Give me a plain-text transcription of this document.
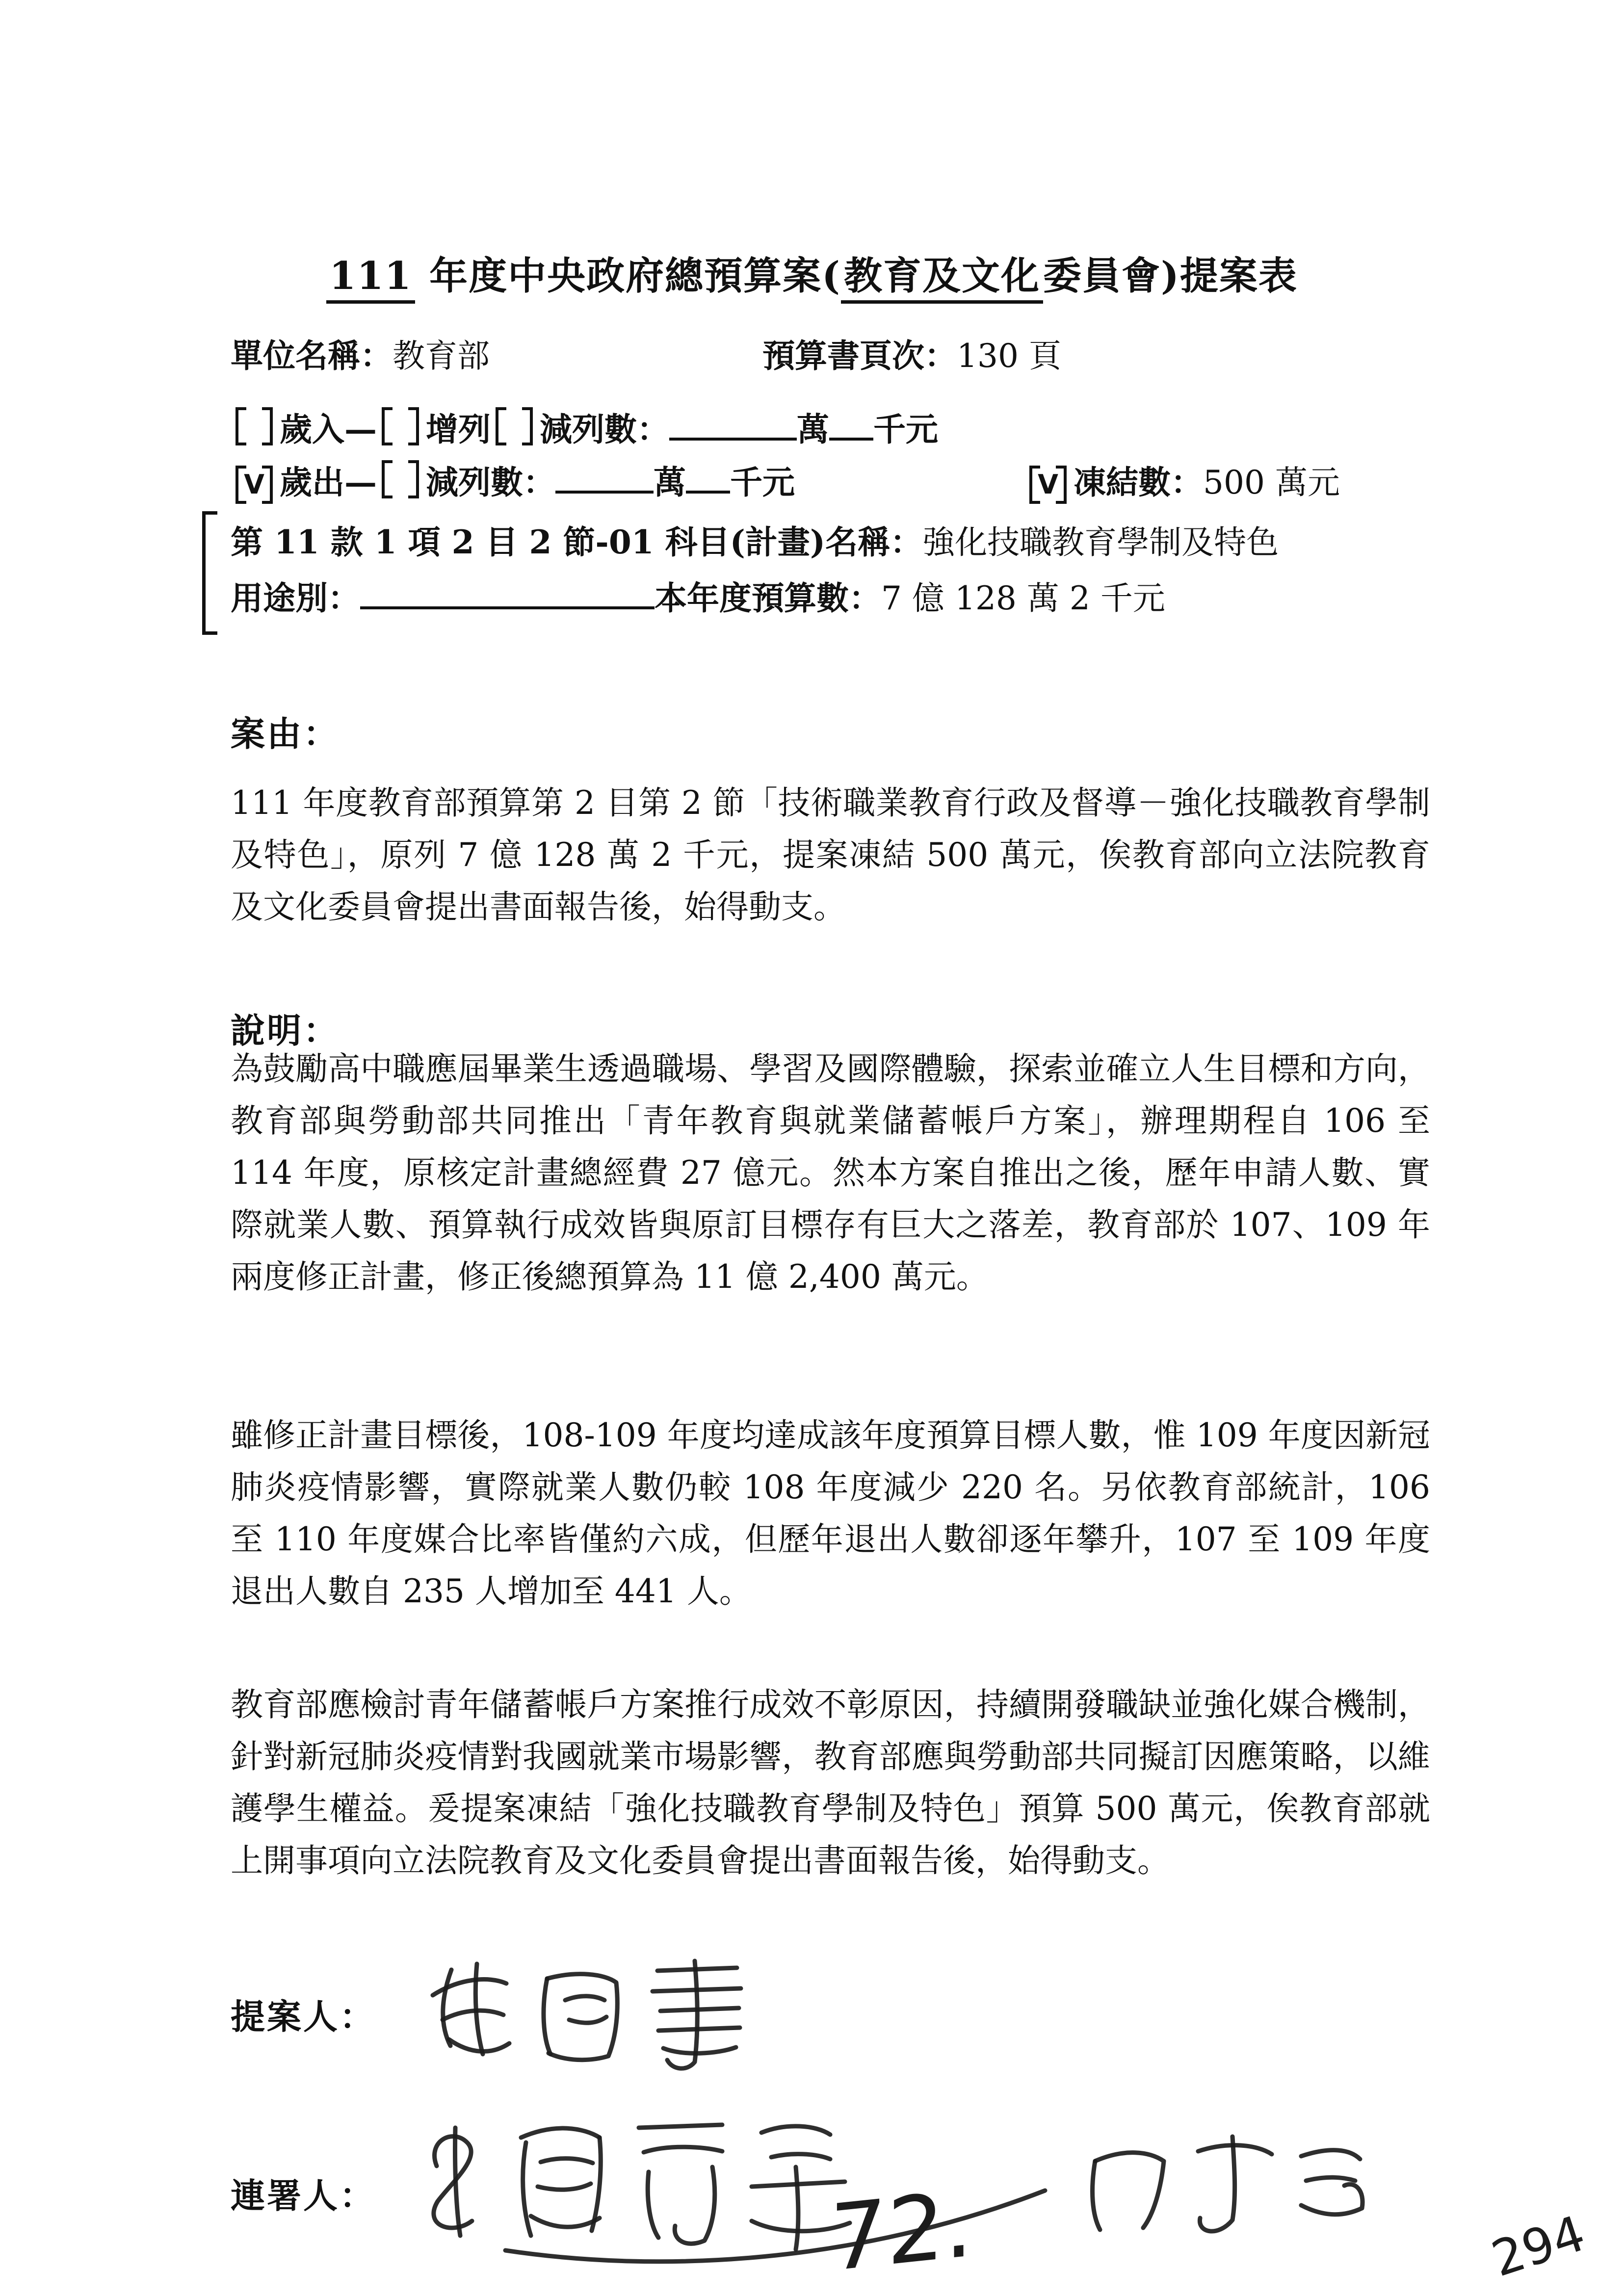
111 年度中央政府總預算案(教育及文化委員會)提案表
單位名稱：教育部	預算書頁次：130 頁
歲入— 增列 減列數：	萬 千元
V 歲出— 減列數：	萬 千元	V 凍結數：500 萬元
第 11 款 1 項 2 目 2 節-01 科目(計畫)名稱：強化技職教育學制及特色
用途別：	本年度預算數：7 億 128 萬 2 千元
案由：
111 年度教育部預算第 2 目第 2 節「技術職業教育行政及督導－強化技職教育學制及特色」，原列 7 億 128 萬 2 千元，提案凍結 500 萬元，俟教育部向立法院教育及文化委員會提出書面報告後，始得動支。
說明：
為鼓勵高中職應屆畢業生透過職場、學習及國際體驗，探索並確立人生目標和方向，教育部與勞動部共同推出「青年教育與就業儲蓄帳戶方案」，辦理期程自 106 至 114 年度，原核定計畫總經費 27 億元。然本方案自推出之後，歷年申請人數、實際就業人數、預算執行成效皆與原訂目標存有巨大之落差，教育部於 107、109 年兩度修正計畫，修正後總預算為 11 億 2,400 萬元。
雖修正計畫目標後，108-109 年度均達成該年度預算目標人數，惟 109 年度因新冠肺炎疫情影響，實際就業人數仍較 108 年度減少 220 名。另依教育部統計，106 至 110 年度媒合比率皆僅約六成，但歷年退出人數卻逐年攀升，107 至 109 年度退出人數自 235 人增加至 441 人。
教育部應檢討青年儲蓄帳戶方案推行成效不彰原因，持續開發職缺並強化媒合機制，針對新冠肺炎疫情對我國就業市場影響，教育部應與勞動部共同擬訂因應策略，以維護學生權益。爰提案凍結「強化技職教育學制及特色」預算 500 萬元，俟教育部就上開事項向立法院教育及文化委員會提出書面報告後，始得動支。
提案人：
連署人：	72.	294
